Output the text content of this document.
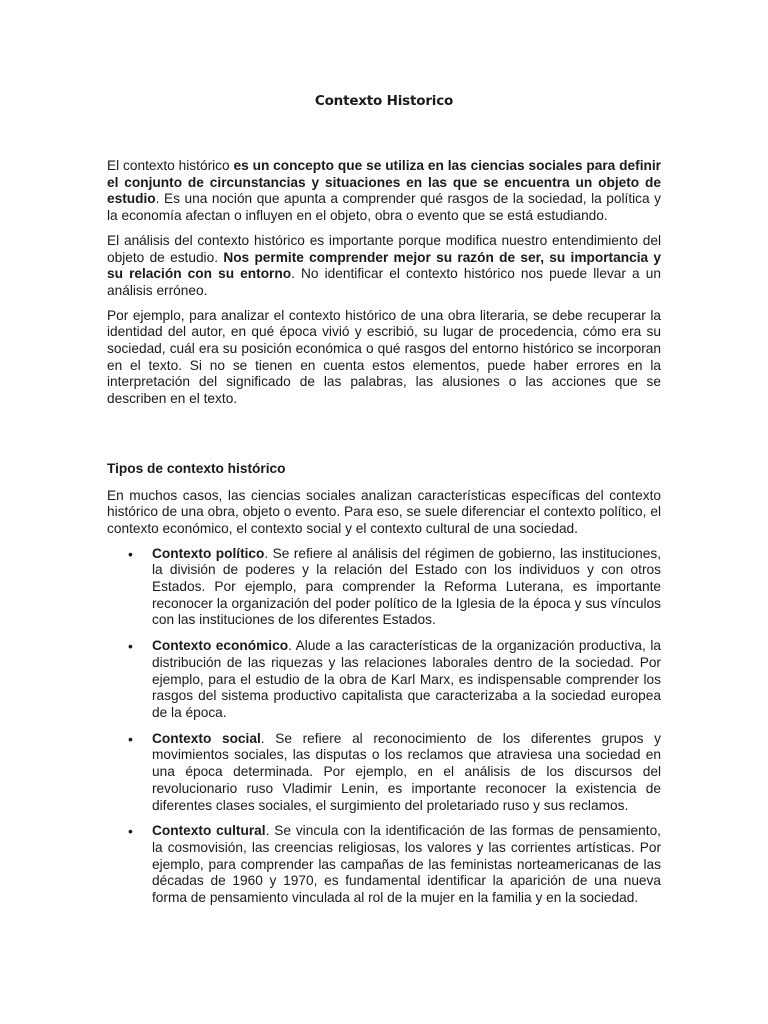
Contexto Historico

El contexto histórico es un concepto que se utiliza en las ciencias sociales para definir el conjunto de circunstancias y situaciones en las que se encuentra un objeto de estudio. Es una noción que apunta a comprender qué rasgos de la sociedad, la política y la economía afectan o influyen en el objeto, obra o evento que se está estudiando.

El análisis del contexto histórico es importante porque modifica nuestro entendimiento del objeto de estudio. Nos permite comprender mejor su razón de ser, su importancia y su relación con su entorno. No identificar el contexto histórico nos puede llevar a un análisis erróneo.

Por ejemplo, para analizar el contexto histórico de una obra literaria, se debe recuperar la identidad del autor, en qué época vivió y escribió, su lugar de procedencia, cómo era su sociedad, cuál era su posición económica o qué rasgos del entorno histórico se incorporan en el texto. Si no se tienen en cuenta estos elementos, puede haber errores en la interpretación del significado de las palabras, las alusiones o las acciones que se describen en el texto.

Tipos de contexto histórico

En muchos casos, las ciencias sociales analizan características específicas del contexto histórico de una obra, objeto o evento. Para eso, se suele diferenciar el contexto político, el contexto económico, el contexto social y el contexto cultural de una sociedad.

• Contexto político. Se refiere al análisis del régimen de gobierno, las instituciones, la división de poderes y la relación del Estado con los individuos y con otros Estados. Por ejemplo, para comprender la Reforma Luterana, es importante reconocer la organización del poder político de la Iglesia de la época y sus vínculos con las instituciones de los diferentes Estados.
• Contexto económico. Alude a las características de la organización productiva, la distribución de las riquezas y las relaciones laborales dentro de la sociedad. Por ejemplo, para el estudio de la obra de Karl Marx, es indispensable comprender los rasgos del sistema productivo capitalista que caracterizaba a la sociedad europea de la época.
• Contexto social. Se refiere al reconocimiento de los diferentes grupos y movimientos sociales, las disputas o los reclamos que atraviesa una sociedad en una época determinada. Por ejemplo, en el análisis de los discursos del revolucionario ruso Vladimir Lenin, es importante reconocer la existencia de diferentes clases sociales, el surgimiento del proletariado ruso y sus reclamos.
• Contexto cultural. Se vincula con la identificación de las formas de pensamiento, la cosmovisión, las creencias religiosas, los valores y las corrientes artísticas. Por ejemplo, para comprender las campañas de las feministas norteamericanas de las décadas de 1960 y 1970, es fundamental identificar la aparición de una nueva forma de pensamiento vinculada al rol de la mujer en la familia y en la sociedad.
